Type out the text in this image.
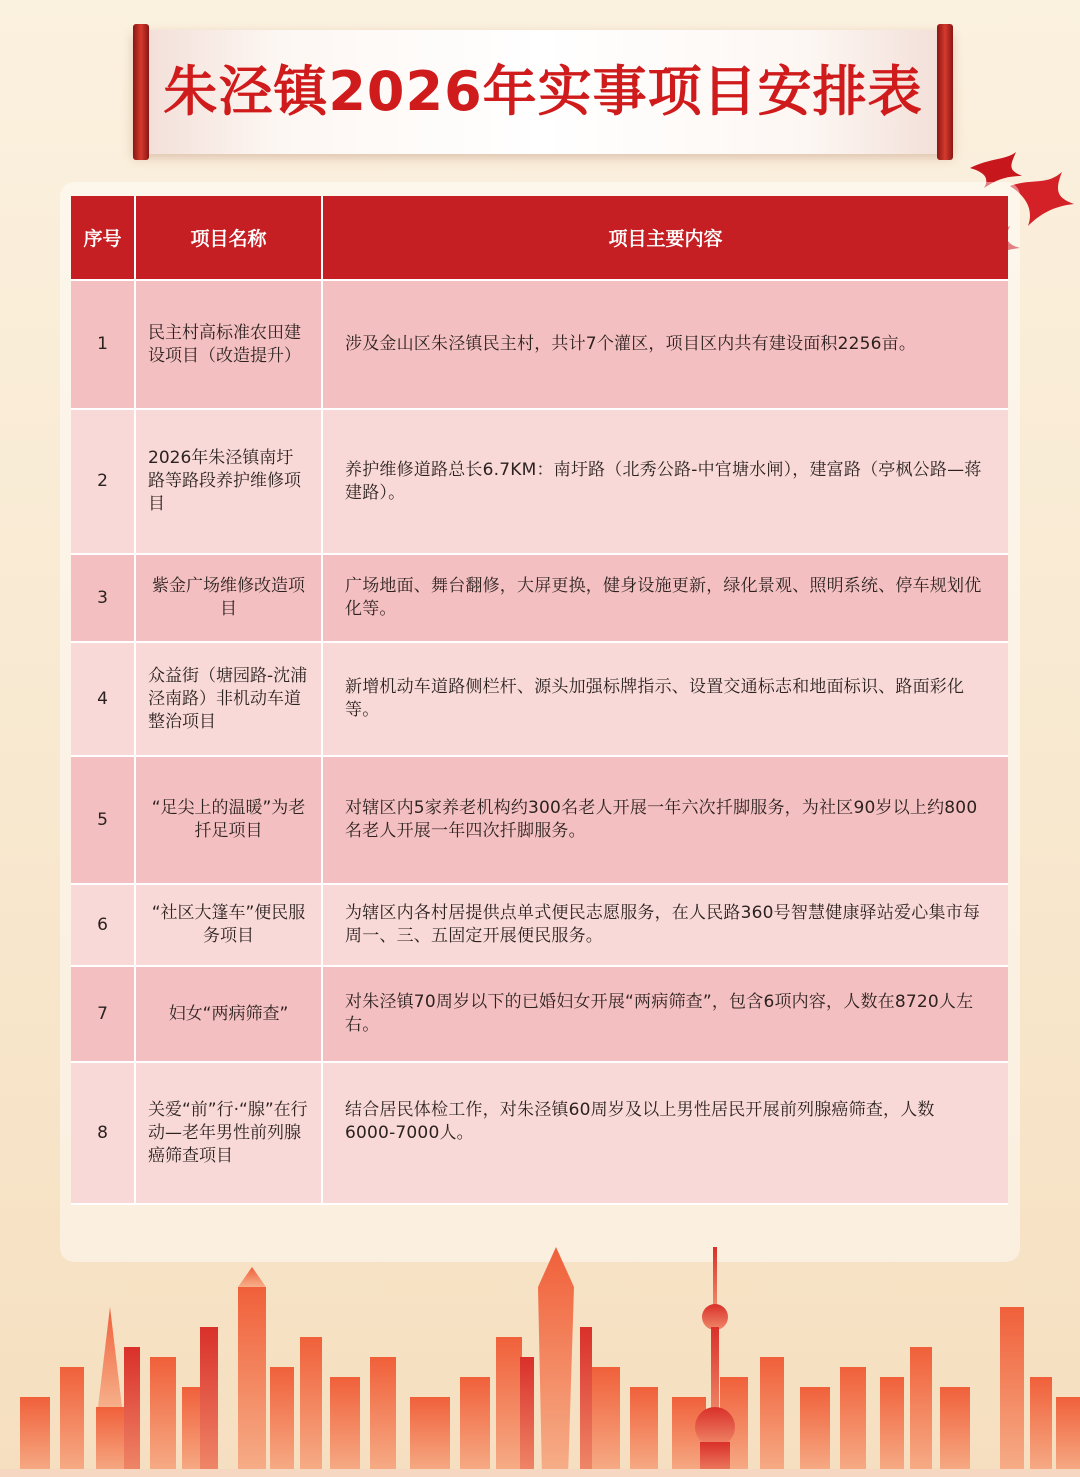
朱泾镇2026年实事项目安排表
序号	项目名称	项目主要内容
1	民主村高标准农田建设项目（改造提升）	涉及金山区朱泾镇民主村，共计7个灌区，项目区内共有建设面积2256亩。
2	2026年朱泾镇南圩路等路段养护维修项目	养护维修道路总长6.7KM：南圩路（北秀公路-中官塘水闸），建富路（亭枫公路—蒋建路）。
3	紫金广场维修改造项目	广场地面、舞台翻修，大屏更换，健身设施更新，绿化景观、照明系统、停车规划优化等。
4	众益街（塘园路-沈浦泾南路）非机动车道整治项目	新增机动车道路侧栏杆、源头加强标牌指示、设置交通标志和地面标识、路面彩化等。
5	“足尖上的温暖”为老扦足项目	对辖区内5家养老机构约300名老人开展一年六次扦脚服务，为社区90岁以上约800名老人开展一年四次扦脚服务。
6	“社区大篷车”便民服务项目	为辖区内各村居提供点单式便民志愿服务，在人民路360号智慧健康驿站爱心集市每周一、三、五固定开展便民服务。
7	妇女“两病筛查”	对朱泾镇70周岁以下的已婚妇女开展“两病筛查”，包含6项内容，人数在8720人左右。
8	关爱“前”行·“腺”在行动—老年男性前列腺癌筛查项目	结合居民体检工作，对朱泾镇60周岁及以上男性居民开展前列腺癌筛查，人数6000-7000人。
